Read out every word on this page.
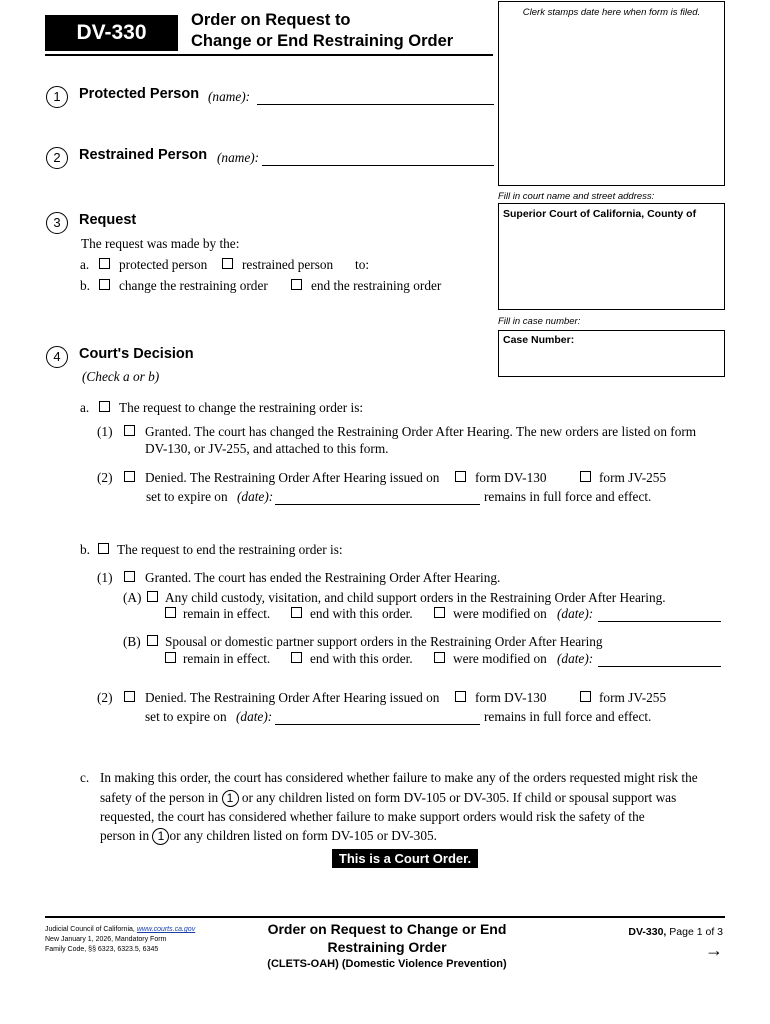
DV-330
Order on Request to
Change or End Restraining Order
Clerk stamps date here when form is filed.
Fill in court name and street address:
Superior Court of California, County of
Fill in case number:
Case Number:
1	Protected Person (name):
2	Restrained Person (name):
3	Request
The request was made by the:
a. protected person	restrained person to:
b. change the restraining order	end the restraining order
4	Court's Decision
(Check a or b)
a. The request to change the restraining order is:
(1) Granted. The court has changed the Restraining Order After Hearing. The new orders are listed on form
DV-130, or JV-255, and attached to this form.
(2) Denied. The Restraining Order After Hearing issued on	form DV-130	form JV-255
set to expire on (date):	remains in full force and effect.
b. The request to end the restraining order is:
(1) Granted. The court has ended the Restraining Order After Hearing.
(A) Any child custody, visitation, and child support orders in the Restraining Order After Hearing.
remain in effect.	end with this order.	were modified on (date):
(B) Spousal or domestic partner support orders in the Restraining Order After Hearing
remain in effect.	end with this order.	were modified on (date):
(2) Denied. The Restraining Order After Hearing issued on	form DV-130	form JV-255
set to expire on (date):	remains in full force and effect.
c. In making this order, the court has considered whether failure to make any of the orders requested might risk the
safety of the person in 1 or any children listed on form DV-105 or DV-305. If child or spousal support was
requested, the court has considered whether failure to make support orders would risk the safety of the
person in 1 or any children listed on form DV-105 or DV-305.
This is a Court Order.
Judicial Council of California, www.courts.ca.gov
New January 1, 2026, Mandatory Form
Family Code, §§ 6323, 6323.5, 6345
Order on Request to Change or End
Restraining Order
(CLETS-OAH) (Domestic Violence Prevention)
DV-330, Page 1 of 3
→
